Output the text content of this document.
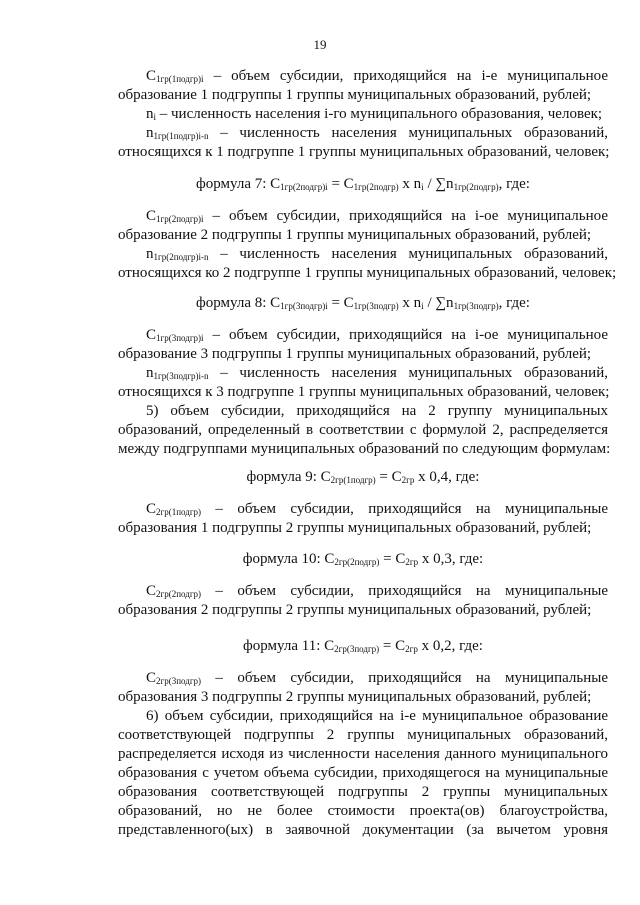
19
$С_{1гр(1подгр)i}$ – объем субсидии, приходящийся на i-е муниципальное
образование 1 подгруппы 1 группы муниципальных образований, рублей;
$n_i$ – численность населения i-го муниципального образования, человек;
$n_{1гр(1подгр)i-n}$ – численность населения муниципальных образований,
относящихся к 1 подгруппе 1 группы муниципальных образований, человек;
формула 7: $С_{1гр(2подгр)i} = С_{1гр(2подгр)}$ x $n_i / \sum n_{1гр(2подгр)}$, где:
$С_{1гр(2подгр)i}$ – объем субсидии, приходящийся на i-ое муниципальное
образование 2 подгруппы 1 группы муниципальных образований, рублей;
$n_{1гр(2подгр)i-n}$ – численность населения муниципальных образований,
относящихся ко 2 подгруппе 1 группы муниципальных образований, человек;
формула 8: $С_{1гр(3подгр)i} = С_{1гр(3подгр)}$ x $n_i / \sum n_{1гр(3подгр)}$, где:
$С_{1гр(3подгр)i}$ – объем субсидии, приходящийся на i-ое муниципальное
образование 3 подгруппы 1 группы муниципальных образований, рублей;
$n_{1гр(3подгр)i-n}$ – численность населения муниципальных образований,
относящихся к 3 подгруппе 1 группы муниципальных образований, человек;
5) объем субсидии, приходящийся на 2 группу муниципальных
образований, определенный в соответствии с формулой 2, распределяется
между подгруппами муниципальных образований по следующим формулам:
формула 9: $С_{2гр(1подгр)} = С_{2гр}$ x 0,4, где:
$С_{2гр(1подгр)}$ – объем субсидии, приходящийся на муниципальные
образования 1 подгруппы 2 группы муниципальных образований, рублей;
формула 10: $С_{2гр(2подгр)} = С_{2гр}$ x 0,3, где:
$С_{2гр(2подгр)}$ – объем субсидии, приходящийся на муниципальные
образования 2 подгруппы 2 группы муниципальных образований, рублей;
формула 11: $С_{2гр(3подгр)} = С_{2гр}$ x 0,2, где:
$С_{2гр(3подгр)}$ – объем субсидии, приходящийся на муниципальные
образования 3 подгруппы 2 группы муниципальных образований, рублей;
6) объем субсидии, приходящийся на i-е муниципальное образование
соответствующей подгруппы 2 группы муниципальных образований,
распределяется исходя из численности населения данного муниципального
образования с учетом объема субсидии, приходящегося на муниципальные
образования соответствующей подгруппы 2 группы муниципальных
образований, но не более стоимости проекта(ов) благоустройства,
представленного(ых) в заявочной документации (за вычетом уровня
